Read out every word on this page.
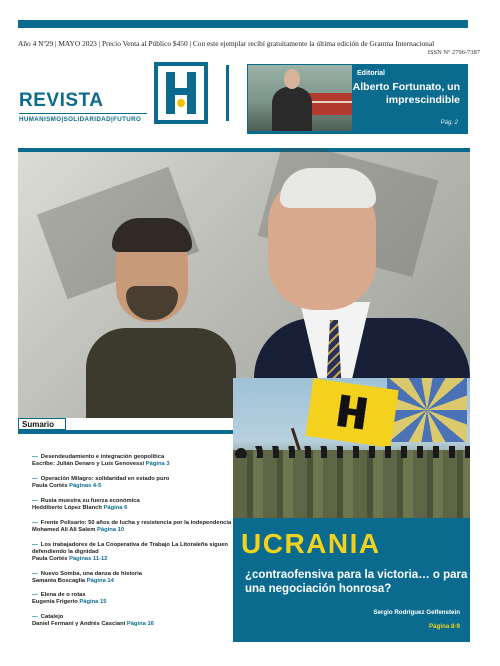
#29
Año 4 Nº29 | MAYO 2023 | Precio Venta al Público $450 | Con este ejemplar recibí gratuitamente la última edición de Granma Internacional
ISSN Nº 2796-7387
REVISTA
HUMANISMO|SOLIDARIDAD|FUTURO
Editorial
Alberto Fortunato, un imprescindible
Pág. 2
Sumario
— Desendeudamiento e integración geopolítica
Escribe: Julián Denaro y Luis Genovessi Página 3
— Operación Milagro: solidaridad en estado puro
Paula Cortés Páginas 4-5
— Rusia muestra su fuerza económica
Heddiberto López Blanch Página 6
— Frente Polisario: 50 años de lucha y resistencia por la independencia
Mohamed Ali Ali Salem Página 10
— Los trabajadores de La Cooperativa de Trabajo La Litoraleña siguen defendiendo la dignidad
Paula Cortés Páginas 11-12
— Nuevo Somba, una danza de historia
Samanta Boscaglia Página 14
— Elena de o rotas
Eugenia Frigerio Página 15
— Catalejo
Daniel Fermani y Andrés Casciani Página 16
UCRANIA
¿contraofensiva para la victoria… o para una negociación honrosa?
Sergio Rodríguez Gelfenstein
Página 8-9
